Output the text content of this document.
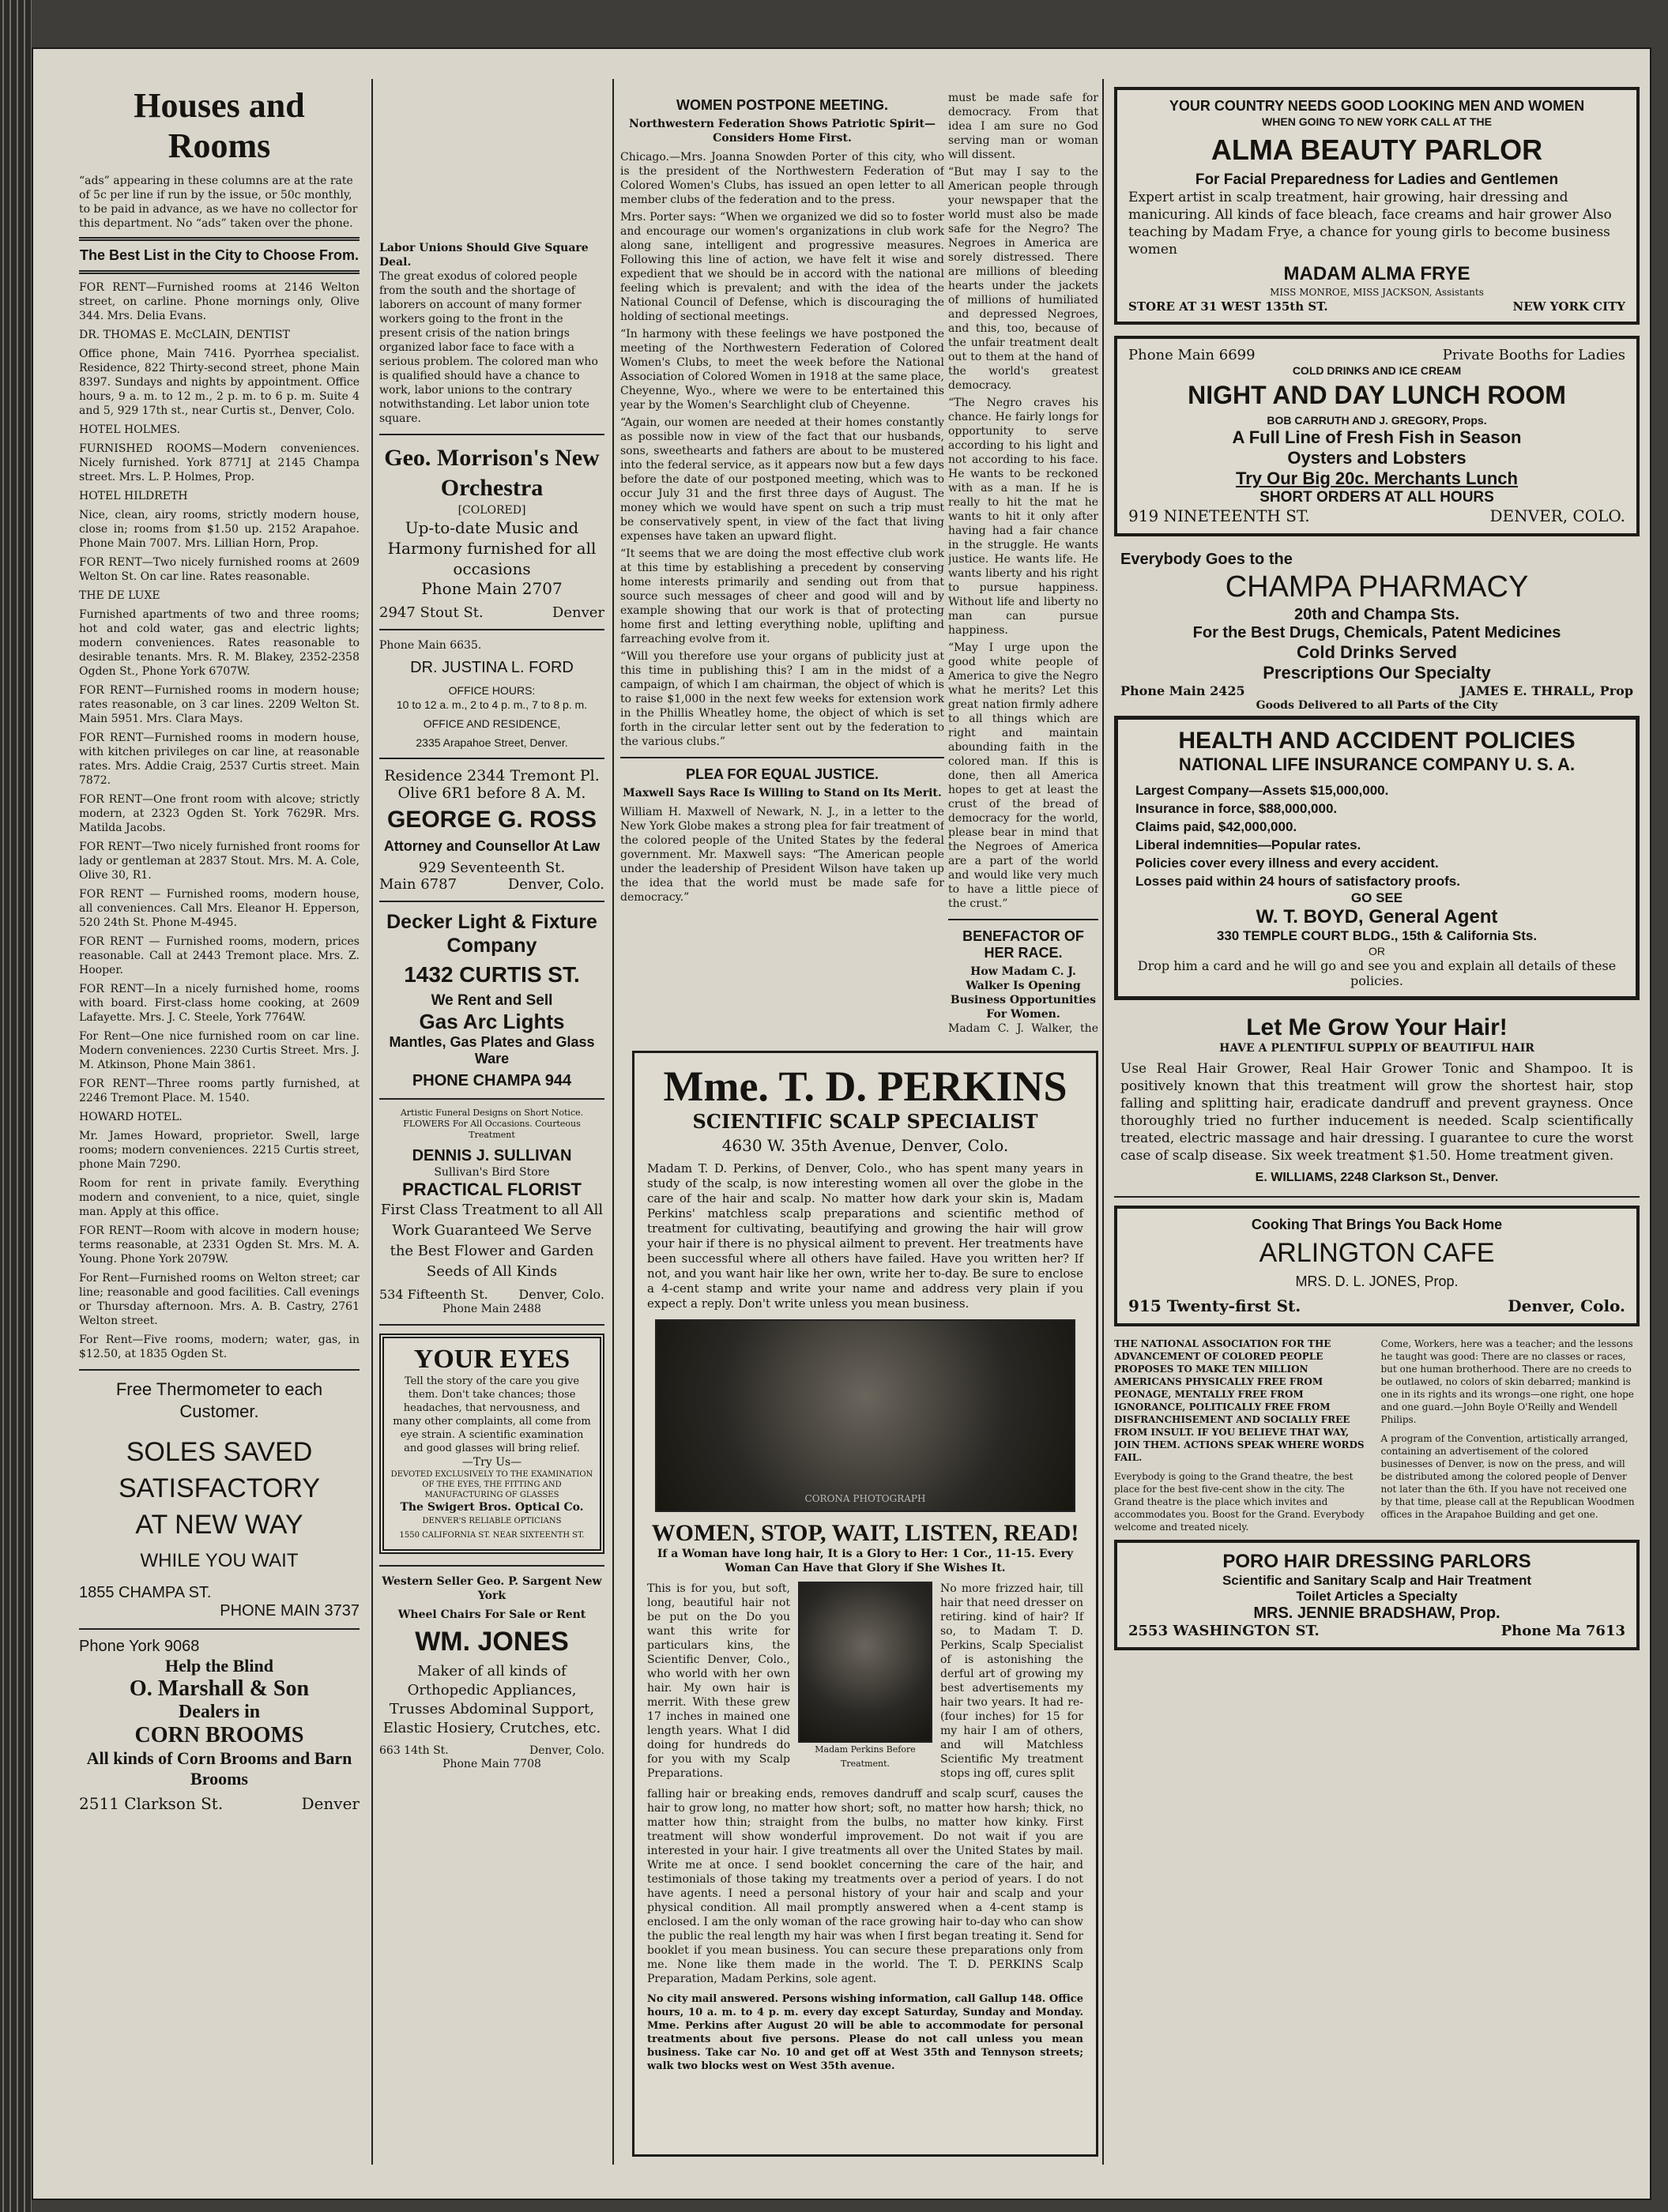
Houses and Rooms

“ads” appearing in these columns are at the rate of 5c per line if run by the issue, or 50c monthly, to be paid in advance, as we have no collector for this department. No “ads” taken over the phone.

The Best List in the City to Choose From.

FOR RENT—Furnished rooms at 2146 Welton street, on carline. Phone mornings only, Olive 344. Mrs. Delia Evans.

DR. THOMAS E. McCLAIN, DENTIST

Office phone, Main 7416. Pyorrhea specialist. Residence, 822 Thirty-second street, phone Main 8397. Sundays and nights by appointment. Office hours, 9 a. m. to 12 m., 2 p. m. to 6 p. m. Suite 4 and 5, 929 17th st., near Curtis st., Denver, Colo.

HOTEL HOLMES.

FURNISHED ROOMS—Modern conveniences. Nicely furnished. York 8771J at 2145 Champa street. Mrs. L. P. Holmes, Prop.

HOTEL HILDRETH

Nice, clean, airy rooms, strictly modern house, close in; rooms from $1.50 up. 2152 Arapahoe. Phone Main 7007. Mrs. Lillian Horn, Prop.

FOR RENT—Two nicely furnished rooms at 2609 Welton St. On car line. Rates reasonable.

THE DE LUXE

Furnished apartments of two and three rooms; hot and cold water, gas and electric lights; modern conveniences. Rates reasonable to desirable tenants. Mrs. R. M. Blakey, 2352-2358 Ogden St., Phone York 6707W.

FOR RENT—Furnished rooms in modern house; rates reasonable, on 3 car lines. 2209 Welton St. Main 5951. Mrs. Clara Mays.

FOR RENT—Furnished rooms in modern house, with kitchen privileges on car line, at reasonable rates. Mrs. Addie Craig, 2537 Curtis street. Main 7872.

FOR RENT—One front room with alcove; strictly modern, at 2323 Ogden St. York 7629R. Mrs. Matilda Jacobs.

FOR RENT—Two nicely furnished front rooms for lady or gentleman at 2837 Stout. Mrs. M. A. Cole, Olive 30, R1.

FOR RENT — Furnished rooms, modern house, all conveniences. Call Mrs. Eleanor H. Epperson, 520 24th St. Phone M-4945.

FOR RENT — Furnished rooms, modern, prices reasonable. Call at 2443 Tremont place. Mrs. Z. Hooper.

FOR RENT—In a nicely furnished home, rooms with board. First-class home cooking, at 2609 Lafayette. Mrs. J. C. Steele, York 7764W.

For Rent—One nice furnished room on car line. Modern conveniences. 2230 Curtis Street. Mrs. J. M. Atkinson, Phone Main 3861.

FOR RENT—Three rooms partly furnished, at 2246 Tremont Place. M. 1540.

HOWARD HOTEL.

Mr. James Howard, proprietor. Swell, large rooms; modern conveniences. 2215 Curtis street, phone Main 7290.

Room for rent in private family. Everything modern and convenient, to a nice, quiet, single man. Apply at this office.

FOR RENT—Room with alcove in modern house; terms reasonable, at 2331 Ogden St. Mrs. M. A. Young. Phone York 2079W.

For Rent—Furnished rooms on Welton street; car line; reasonable and good facilities. Call evenings or Thursday afternoon. Mrs. A. B. Castry, 2761 Welton street.

For Rent—Five rooms, modern; water, gas, in $12.50, at 1835 Ogden St.

Free Thermometer to each Customer.
SOLES SAVED
SATISFACTORY
AT NEW WAY
WHILE YOU WAIT
1855 CHAMPA ST.
PHONE MAIN 3737
Phone York 9068
Help the Blind
O. Marshall & Son
Dealers in
CORN BROOMS
All kinds of Corn Brooms and Barn Brooms
2511 Clarkson St.	Denver
Labor Unions Should Give Square Deal.

The great exodus of colored people from the south and the shortage of laborers on account of many former workers going to the front in the present crisis of the nation brings organized labor face to face with a serious problem. The colored man who is qualified should have a chance to work, labor unions to the contrary notwithstanding. Let labor union tote square.

Geo. Morrison's New Orchestra
[COLORED]
Up-to-date Music and Harmony furnished for all occasions
Phone Main 2707
2947 Stout St.	Denver
Phone Main 6635.
DR. JUSTINA L. FORD
OFFICE HOURS:
10 to 12 a. m., 2 to 4 p. m., 7 to 8 p. m.
OFFICE AND RESIDENCE,
2335 Arapahoe Street, Denver.
Residence 2344 Tremont Pl.
Olive 6R1 before 8 A. M.
GEORGE G. ROSS
Attorney and Counsellor At Law
929 Seventeenth St.
Main 6787	Denver, Colo.
Decker Light & Fixture Company
1432 CURTIS ST.
We Rent and Sell
Gas Arc Lights
Mantles, Gas Plates and Glass Ware
PHONE CHAMPA 944
Artistic Funeral Designs on Short Notice. FLOWERS For All Occasions. Courteous Treatment
DENNIS J. SULLIVAN
Sullivan's Bird Store
PRACTICAL FLORIST
First Class Treatment to all All Work Guaranteed We Serve the Best Flower and Garden Seeds of All Kinds
534 Fifteenth St. Denver, Colo.
Phone Main 2488
YOUR EYES
Tell the story of the care you give them. Don't take chances; those headaches, that nervousness, and many other complaints, all come from eye strain. A scientific examination and good glasses will bring relief.
—Try Us—
DEVOTED EXCLUSIVELY TO THE EXAMINATION OF THE EYES, THE FITTING AND MANUFACTURING OF GLASSES
The Swigert Bros. Optical Co.
DENVER'S RELIABLE OPTICIANS
1550 CALIFORNIA ST. NEAR SIXTEENTH ST.
Western Seller Geo. P. Sargent New York
Wheel Chairs For Sale or Rent
WM. JONES
Maker of all kinds of Orthopedic Appliances, Trusses Abdominal Support, Elastic Hosiery, Crutches, etc.
663 14th St.	Denver, Colo.
Phone Main 7708
WOMEN POSTPONE MEETING.
Northwestern Federation Shows Patriotic Spirit—Considers Home First.

Chicago.—Mrs. Joanna Snowden Porter of this city, who is the president of the Northwestern Federation of Colored Women's Clubs, has issued an open letter to all member clubs of the federation and to the press.

Mrs. Porter says: “When we organized we did so to foster and encourage our women's organizations in club work along sane, intelligent and progressive measures. Following this line of action, we have felt it wise and expedient that we should be in accord with the national feeling which is prevalent; and with the idea of the National Council of Defense, which is discouraging the holding of sectional meetings.

“In harmony with these feelings we have postponed the meeting of the Northwestern Federation of Colored Women's Clubs, to meet the week before the National Association of Colored Women in 1918 at the same place, Cheyenne, Wyo., where we were to be entertained this year by the Women's Searchlight club of Cheyenne.

“Again, our women are needed at their homes constantly as possible now in view of the fact that our husbands, sons, sweethearts and fathers are about to be mustered into the federal service, as it appears now but a few days before the date of our postponed meeting, which was to occur July 31 and the first three days of August. The money which we would have spent on such a trip must be conservatively spent, in view of the fact that living expenses have taken an upward flight.

“It seems that we are doing the most effective club work at this time by establishing a precedent by conserving home interests primarily and sending out from that source such messages of cheer and good will and by example showing that our work is that of protecting home first and letting everything noble, uplifting and farreaching evolve from it.

“Will you therefore use your organs of publicity just at this time in publishing this? I am in the midst of a campaign, of which I am chairman, the object of which is to raise $1,000 in the next few weeks for extension work in the Phillis Wheatley home, the object of which is set forth in the circular letter sent out by the federation to the various clubs.”

PLEA FOR EQUAL JUSTICE.
Maxwell Says Race Is Willing to Stand on Its Merit.

William H. Maxwell of Newark, N. J., in a letter to the New York Globe makes a strong plea for fair treatment of the colored people of the United States by the federal government. Mr. Maxwell says: “The American people under the leadership of President Wilson have taken up the idea that the world must be made safe for democracy.”

must be made safe for democracy. From that idea I am sure no God serving man or woman will dissent.

“But may I say to the American people through your newspaper that the world must also be made safe for the Negro? The Negroes in America are sorely distressed. There are millions of bleeding hearts under the jackets of millions of humiliated and depressed Negroes, and this, too, because of the unfair treatment dealt out to them at the hand of the world's greatest democracy.

“The Negro craves his chance. He fairly longs for opportunity to serve according to his light and not according to his face. He wants to be reckoned with as a man. If he is really to hit the mat he wants to hit it only after having had a fair chance in the struggle. He wants justice. He wants life. He wants liberty and his right to pursue happiness. Without life and liberty no man can pursue happiness.

“May I urge upon the good white people of America to give the Negro what he merits? Let this great nation firmly adhere to all things which are right and maintain abounding faith in the colored man. If this is done, then all America hopes to get at least the crust of the bread of democracy for the world, please bear in mind that the Negroes of America are a part of the world and would like very much to have a little piece of the crust.”

BENEFACTOR OF HER RACE.
How Madam C. J. Walker Is Opening Business Opportunities For Women.

Madam C. J. Walker, the

Mme. T. D. PERKINS
SCIENTIFIC SCALP SPECIALIST
4630 W. 35th Avenue, Denver, Colo.

Madam T. D. Perkins, of Denver, Colo., who has spent many years in study of the scalp, is now interesting women all over the globe in the care of the hair and scalp. No matter how dark your skin is, Madam Perkins' matchless scalp preparations and scientific method of treatment for cultivating, beautifying and growing the hair will grow your hair if there is no physical ailment to prevent. Her treatments have been successful where all others have failed. Have you written her? If not, and you want hair like her own, write her to-day. Be sure to enclose a 4-cent stamp and write your name and address very plain if you expect a reply. Don't write unless you mean business.

CORONA PHOTOGRAPH
WOMEN, STOP, WAIT, LISTEN, READ!
If a Woman have long hair, It is a Glory to Her: 1 Cor., 11-15. Every Woman Can Have that Glory if She Wishes It.

This is for you, but soft, long, beautiful hair not be put on the Do you want this write for particulars kins, the Scientific Denver, Colo., who world with her own hair. My own hair is merrit. With these grew 17 inches in mained one length years. What I did doing for hundreds do for you with my Scalp Preparations.

Madam Perkins Before Treatment.

No more frizzed hair, till hair that need dresser on retiring. kind of hair? If so, to Madam T. D. Perkins, Scalp Specialist of is astonishing the derful art of growing my best advertisements my hair two years. It had re- (four inches) for 15 for my hair I am of others, and will Matchless Scientific My treatment stops ing off, cures split

falling hair or breaking ends, removes dandruff and scalp scurf, causes the hair to grow long, no matter how short; soft, no matter how harsh; thick, no matter how thin; straight from the bulbs, no matter how kinky. First treatment will show wonderful improvement. Do not wait if you are interested in your hair. I give treatments all over the United States by mail. Write me at once. I send booklet concerning the care of the hair, and testimonials of those taking my treatments over a period of years. I do not have agents. I need a personal history of your hair and scalp and your physical condition. All mail promptly answered when a 4-cent stamp is enclosed. I am the only woman of the race growing hair to-day who can show the public the real length my hair was when I first began treating it. Send for booklet if you mean business. You can secure these preparations only from me. None like them made in the world. The T. D. PERKINS Scalp Preparation, Madam Perkins, sole agent.

No city mail answered. Persons wishing information, call Gallup 148. Office hours, 10 a. m. to 4 p. m. every day except Saturday, Sunday and Monday. Mme. Perkins after August 20 will be able to accommodate for personal treatments about five persons. Please do not call unless you mean business. Take car No. 10 and get off at West 35th and Tennyson streets; walk two blocks west on West 35th avenue.

YOUR COUNTRY NEEDS GOOD LOOKING MEN AND WOMEN
WHEN GOING TO NEW YORK CALL AT THE
ALMA BEAUTY PARLOR
For Facial Preparedness for Ladies and Gentlemen
Expert artist in scalp treatment, hair growing, hair dressing and manicuring. All kinds of face bleach, face creams and hair grower Also teaching by Madam Frye, a chance for young girls to become business women
MADAM ALMA FRYE
MISS MONROE, MISS JACKSON, Assistants
STORE AT 31 WEST 135th ST.	NEW YORK CITY
Phone Main 6699	Private Booths for Ladies
COLD DRINKS AND ICE CREAM
NIGHT AND DAY LUNCH ROOM
BOB CARRUTH AND J. GREGORY, Props.
A Full Line of Fresh Fish in Season
Oysters and Lobsters
Try Our Big 20c. Merchants Lunch
SHORT ORDERS AT ALL HOURS
919 NINETEENTH ST.	DENVER, COLO.
Everybody Goes to the
CHAMPA PHARMACY
20th and Champa Sts.
For the Best Drugs, Chemicals, Patent Medicines
Cold Drinks Served
Prescriptions Our Specialty
Phone Main 2425	JAMES E. THRALL, Prop
Goods Delivered to all Parts of the City
HEALTH AND ACCIDENT POLICIES
NATIONAL LIFE INSURANCE COMPANY U. S. A.

Largest Company—Assets $15,000,000.

Insurance in force, $88,000,000.

Claims paid, $42,000,000.

Liberal indemnities—Popular rates.

Policies cover every illness and every accident.

Losses paid within 24 hours of satisfactory proofs.

GO SEE
W. T. BOYD, General Agent
330 TEMPLE COURT BLDG., 15th & California Sts.
OR
Drop him a card and he will go and see you and explain all details of these policies.
Let Me Grow Your Hair!
HAVE A PLENTIFUL SUPPLY OF BEAUTIFUL HAIR

Use Real Hair Grower, Real Hair Grower Tonic and Shampoo. It is positively known that this treatment will grow the shortest hair, stop falling and splitting hair, eradicate dandruff and prevent grayness. Once thoroughly tried no further inducement is needed. Scalp scientifically treated, electric massage and hair dressing. I guarantee to cure the worst case of scalp disease. Six week treatment $1.50. Home treatment given.

E. WILLIAMS, 2248 Clarkson St., Denver.
Cooking That Brings You Back Home
ARLINGTON CAFE
MRS. D. L. JONES, Prop.
915 Twenty-first St.	Denver, Colo.

THE NATIONAL ASSOCIATION FOR THE ADVANCEMENT OF COLORED PEOPLE PROPOSES TO MAKE TEN MILLION AMERICANS PHYSICALLY FREE FROM PEONAGE, MENTALLY FREE FROM IGNORANCE, POLITICALLY FREE FROM DISFRANCHISEMENT AND SOCIALLY FREE FROM INSULT. IF YOU BELIEVE THAT WAY, JOIN THEM. ACTIONS SPEAK WHERE WORDS FAIL.

Everybody is going to the Grand theatre, the best place for the best five-cent show in the city. The Grand theatre is the place which invites and accommodates you. Boost for the Grand. Everybody welcome and treated nicely.

Come, Workers, here was a teacher; and the lessons he taught was good: There are no classes or races, but one human brotherhood. There are no creeds to be outlawed, no colors of skin debarred; mankind is one in its rights and its wrongs—one right, one hope and one guard.—John Boyle O'Reilly and Wendell Philips.

A program of the Convention, artistically arranged, containing an advertisement of the colored businesses of Denver, is now on the press, and will be distributed among the colored people of Denver not later than the 6th. If you have not received one by that time, please call at the Republican Woodmen offices in the Arapahoe Building and get one.

PORO HAIR DRESSING PARLORS
Scientific and Sanitary Scalp and Hair Treatment
Toilet Articles a Specialty
MRS. JENNIE BRADSHAW, Prop.
2553 WASHINGTON ST.	Phone Ma 7613
